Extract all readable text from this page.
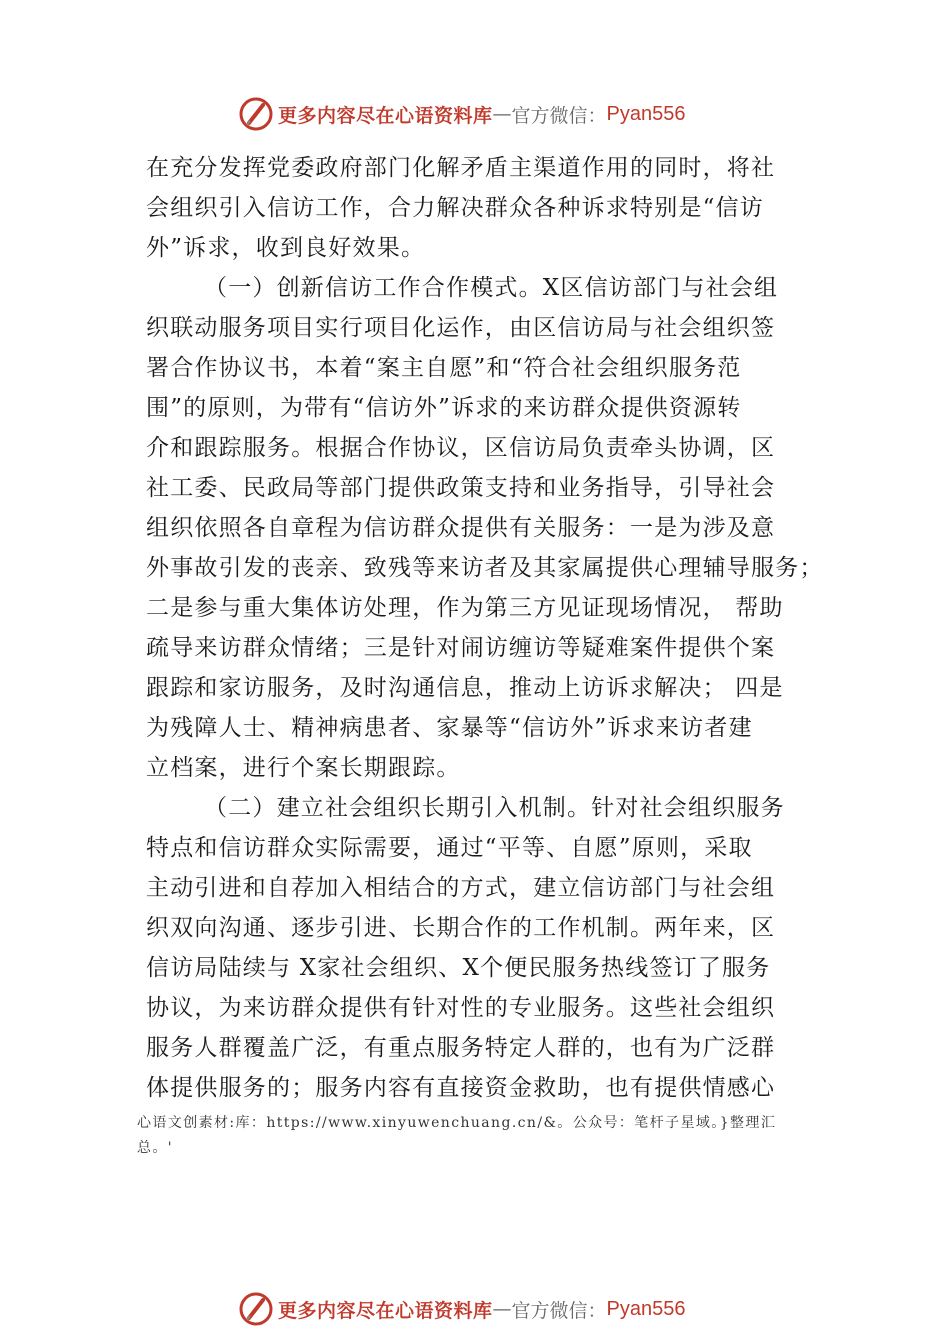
更多内容尽在心语资料库 — 官方微信： Pyan556
在充分发挥党委政府部门化解矛盾主渠道作用的同时，将社
会组织引入信访工作，合力解决群众各种诉求特别是“信访
外”诉求，收到良好效果。
（一）创新信访工作合作模式。X区信访部门与社会组
织联动服务项目实行项目化运作，由区信访局与社会组织签
署合作协议书，本着“案主自愿”和“符合社会组织服务范
围”的原则，为带有“信访外”诉求的来访群众提供资源转
介和跟踪服务。根据合作协议，区信访局负责牵头协调，区
社工委、民政局等部门提供政策支持和业务指导，引导社会
组织依照各自章程为信访群众提供有关服务：一是为涉及意
外事故引发的丧亲、致残等来访者及其家属提供心理辅导服务；
二是参与重大集体访处理，作为第三方见证现场情况， 帮助
疏导来访群众情绪；三是针对闹访缠访等疑难案件提供个案
跟踪和家访服务，及时沟通信息，推动上访诉求解决； 四是
为残障人士、精神病患者、家暴等“信访外”诉求来访者建
立档案，进行个案长期跟踪。
（二）建立社会组织长期引入机制。针对社会组织服务
特点和信访群众实际需要，通过“平等、自愿”原则，采取
主动引进和自荐加入相结合的方式，建立信访部门与社会组
织双向沟通、逐步引进、长期合作的工作机制。两年来，区
信访局陆续与 X家社会组织、X个便民服务热线签订了服务
协议，为来访群众提供有针对性的专业服务。这些社会组织
服务人群覆盖广泛，有重点服务特定人群的，也有为广泛群
体提供服务的；服务内容有直接资金救助，也有提供情感心
心语文创素材:库：https://www.xinyuwenchuang.cn/&。公众号：笔杆子星域。}整理汇
总。'
更多内容尽在心语资料库 — 官方微信： Pyan556
